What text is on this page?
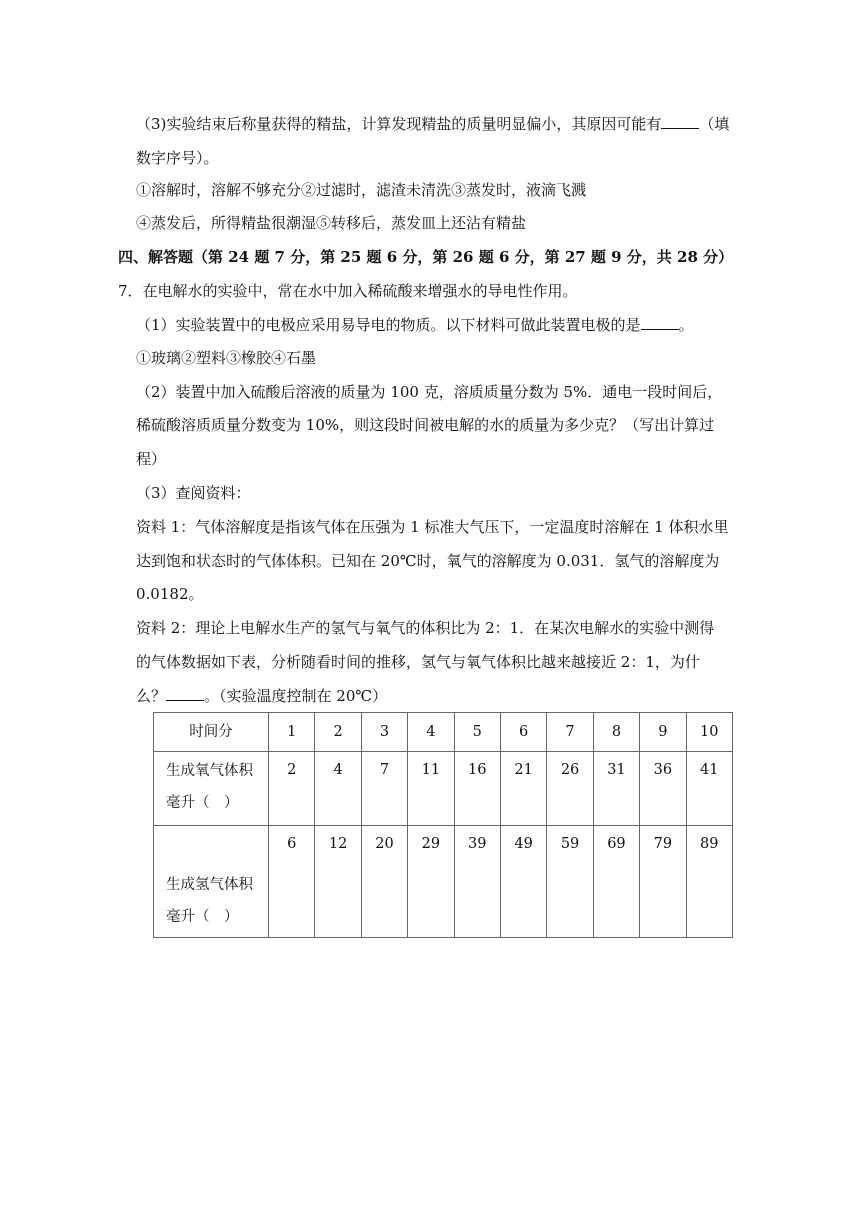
（3)实验结束后称量获得的精盐，计算发现精盐的质量明显偏小，其原因可能有	（填
数字序号）。
①溶解时，溶解不够充分②过滤时，滤渣未清洗③蒸发时，液滴飞溅
④蒸发后，所得精盐很潮湿⑤转移后，蒸发皿上还沾有精盐
四、解答题（第 24 题 7 分，第 25 题 6 分，第 26 题 6 分，第 27 题 9 分，共 28 分）
7．在电解水的实验中，常在水中加入稀硫酸来增强水的导电性作用。
（1）实验装置中的电极应采用易导电的物质。以下材料可做此装置电极的是	。
①玻璃②塑料③橡胶④石墨
（2）装置中加入硫酸后溶液的质量为 100 克，溶质质量分数为 5%．通电一段时间后，
稀硫酸溶质质量分数变为 10%，则这段时间被电解的水的质量为多少克？（写出计算过
程）
（3）查阅资料：
资料 1：气体溶解度是指该气体在压强为 1 标准大气压下，一定温度时溶解在 1 体积水里
达到饱和状态时的气体体积。已知在 20℃时，氧气的溶解度为 0.031．氢气的溶解度为
0.0182。
资料 2：理论上电解水生产的氢气与氧气的体积比为 2：1．在某次电解水的实验中测得
的气体数据如下表，分析随看时间的推移，氢气与氧气体积比越来越接近 2：1，为什
么？	。（实验温度控制在 20℃）
时间分	1	2	3	4	5	6	7	8	9	10

生成氧气体积
毫升（　）	2	4	7	11	16	21	26	31	36	41

生成氢气体积
毫升（　）	6	12	20	29	39	49	59	69	79	89
